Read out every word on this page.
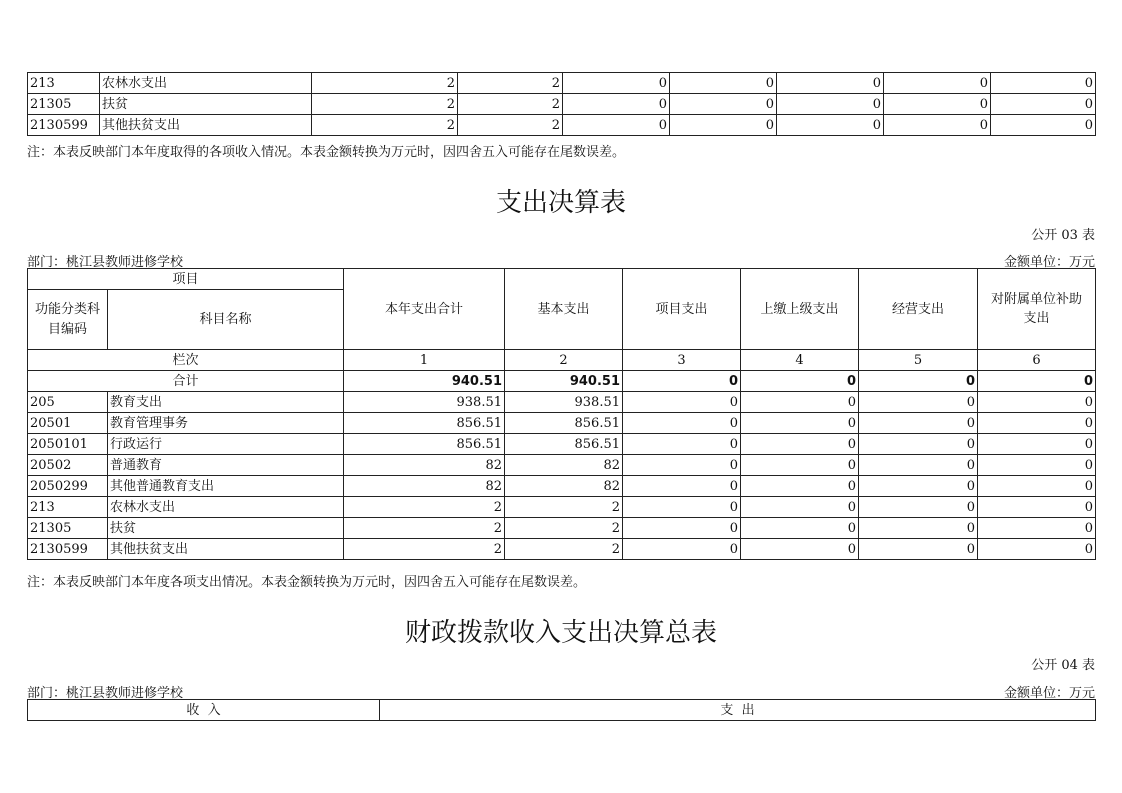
213	农林水支出	2	2	0	0	0	0	0
21305	扶贫	2	2	0	0	0	0	0
2130599	其他扶贫支出	2	2	0	0	0	0	0
注：本表反映部门本年度取得的各项收入情况。本表金额转换为万元时，因四舍五入可能存在尾数误差。
支出决算表
公开 03 表
部门：桃江县教师进修学校	金额单位：万元
项目		本年支出合计	基本支出	项目支出	上缴上级支出	经营支出	对附属单位补助支出
功能分类科目编码	科目名称						
栏次		1	2	3	4	5	6
合计		940.51	940.51	0	0	0	0
205	教育支出	938.51	938.51	0	0	0	0
20501	教育管理事务	856.51	856.51	0	0	0	0
2050101	行政运行	856.51	856.51	0	0	0	0
20502	普通教育	82	82	0	0	0	0
2050299	其他普通教育支出	82	82	0	0	0	0
213	农林水支出	2	2	0	0	0	0
21305	扶贫	2	2	0	0	0	0
2130599	其他扶贫支出	2	2	0	0	0	0
注：本表反映部门本年度各项支出情况。本表金额转换为万元时，因四舍五入可能存在尾数误差。
财政拨款收入支出决算总表
公开 04 表
部门：桃江县教师进修学校	金额单位：万元
收  入	支  出
